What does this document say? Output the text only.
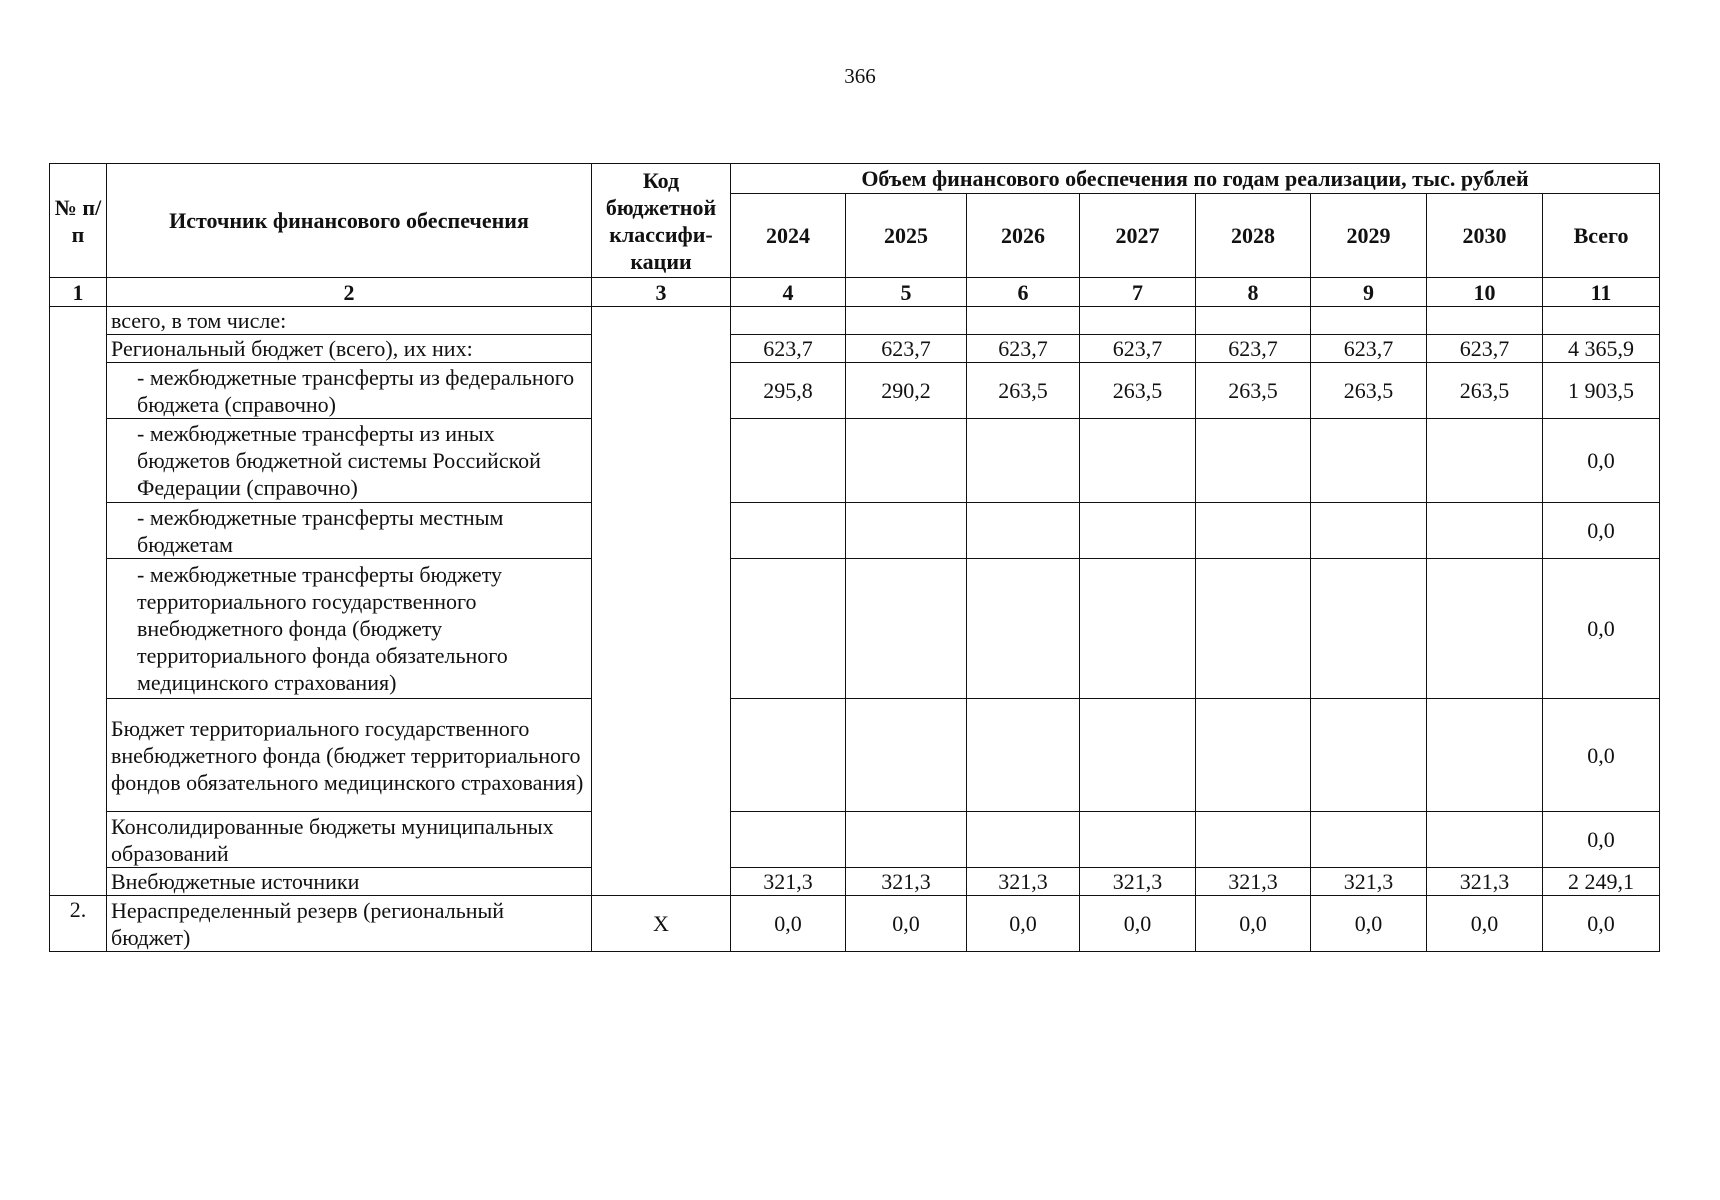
366
№ п/п	Источник финансового обеспечения	Код бюджетной классифи-кации	Объем финансового обеспечения по годам реализации, тыс. рублей							
			2024	2025	2026	2027	2028	2029	2030	Всего
1	2	3	4	5	6	7	8	9	10	11
	всего, в том числе:									
	Региональный бюджет (всего), их них:		623,7	623,7	623,7	623,7	623,7	623,7	623,7	4 365,9
	- межбюджетные трансферты из федерального бюджета (справочно)		295,8	290,2	263,5	263,5	263,5	263,5	263,5	1 903,5
	- межбюджетные трансферты из иных бюджетов бюджетной системы Российской Федерации (справочно)									0,0
	- межбюджетные трансферты местным бюджетам									0,0
	- межбюджетные трансферты бюджету территориального государственного внебюджетного фонда (бюджету территориального фонда обязательного медицинского страхования)									0,0
	Бюджет территориального государственного внебюджетного фонда (бюджет территориального фондов обязательного медицинского страхования)									0,0
	Консолидированные бюджеты муниципальных образований									0,0
	Внебюджетные источники		321,3	321,3	321,3	321,3	321,3	321,3	321,3	2 249,1
2.	Нераспределенный резерв (региональный бюджет)	X	0,0	0,0	0,0	0,0	0,0	0,0	0,0	0,0
